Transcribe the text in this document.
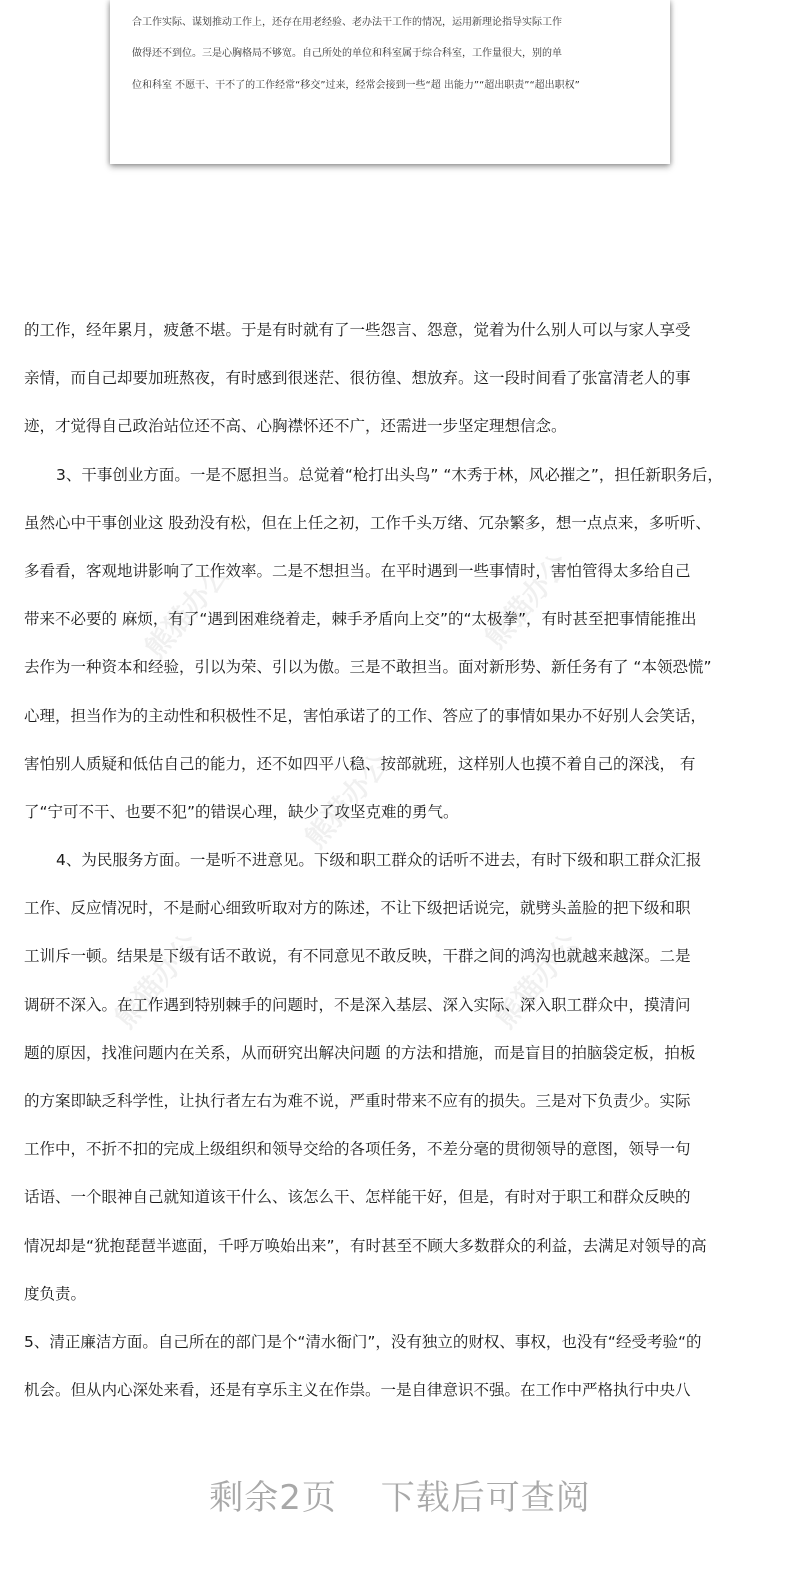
合工作实际、谋划推动工作上，还存在用老经验、老办法干工作的情况，运用新理论指导实际工作

做得还不到位。三是心胸格局不够宽。自己所处的单位和科室属于综合科室，工作量很大，别的单

位和科室 不愿干、干不了的工作经常“移交”过来，经常会接到一些“超 出能力”“超出职责”“超出职权”

熊猫办公	熊猫办公
熊猫办公
熊猫办公	熊猫办公
的工作，经年累月，疲惫不堪。于是有时就有了一些怨言、怨意，觉着为什么别人可以与家人享受
亲情，而自己却要加班熬夜，有时感到很迷茫、很彷徨、想放弃。这一段时间看了张富清老人的事
迹，才觉得自己政治站位还不高、心胸襟怀还不广，还需进一步坚定理想信念。
3、干事创业方面。一是不愿担当。总觉着“枪打出头鸟” “木秀于林，风必摧之”，担任新职务后，
虽然心中干事创业这 股劲没有松，但在上任之初，工作千头万绪、冗杂繁多，想一点点来，多听听、
多看看，客观地讲影响了工作效率。二是不想担当。在平时遇到一些事情时，害怕管得太多给自己
带来不必要的 麻烦，有了“遇到困难绕着走，棘手矛盾向上交”的“太极拳”，有时甚至把事情能推出
去作为一种资本和经验，引以为荣、引以为傲。三是不敢担当。面对新形势、新任务有了 “本领恐慌”
心理，担当作为的主动性和积极性不足，害怕承诺了的工作、答应了的事情如果办不好别人会笑话，
害怕别人质疑和低估自己的能力，还不如四平八稳、按部就班，这样别人也摸不着自己的深浅， 有
了“宁可不干、也要不犯”的错误心理，缺少了攻坚克难的勇气。
4、为民服务方面。一是听不进意见。下级和职工群众的话听不进去，有时下级和职工群众汇报
工作、反应情况时，不是耐心细致听取对方的陈述，不让下级把话说完，就劈头盖脸的把下级和职
工训斥一顿。结果是下级有话不敢说，有不同意见不敢反映，干群之间的鸿沟也就越来越深。二是
调研不深入。在工作遇到特别棘手的问题时，不是深入基层、深入实际、深入职工群众中，摸清问
题的原因，找准问题内在关系，从而研究出解决问题 的方法和措施，而是盲目的拍脑袋定板，拍板
的方案即缺乏科学性，让执行者左右为难不说，严重时带来不应有的损失。三是对下负责少。实际
工作中，不折不扣的完成上级组织和领导交给的各项任务，不差分毫的贯彻领导的意图，领导一句
话语、一个眼神自己就知道该干什么、该怎么干、怎样能干好，但是，有时对于职工和群众反映的
情况却是“犹抱琵琶半遮面，千呼万唤始出来”，有时甚至不顾大多数群众的利益，去满足对领导的高
度负责。
5、清正廉洁方面。自己所在的部门是个“清水衙门”，没有独立的财权、事权，也没有“经受考验“的
机会。但从内心深处来看，还是有享乐主义在作祟。一是自律意识不强。在工作中严格执行中央八
剩余2页 下载后可查阅
